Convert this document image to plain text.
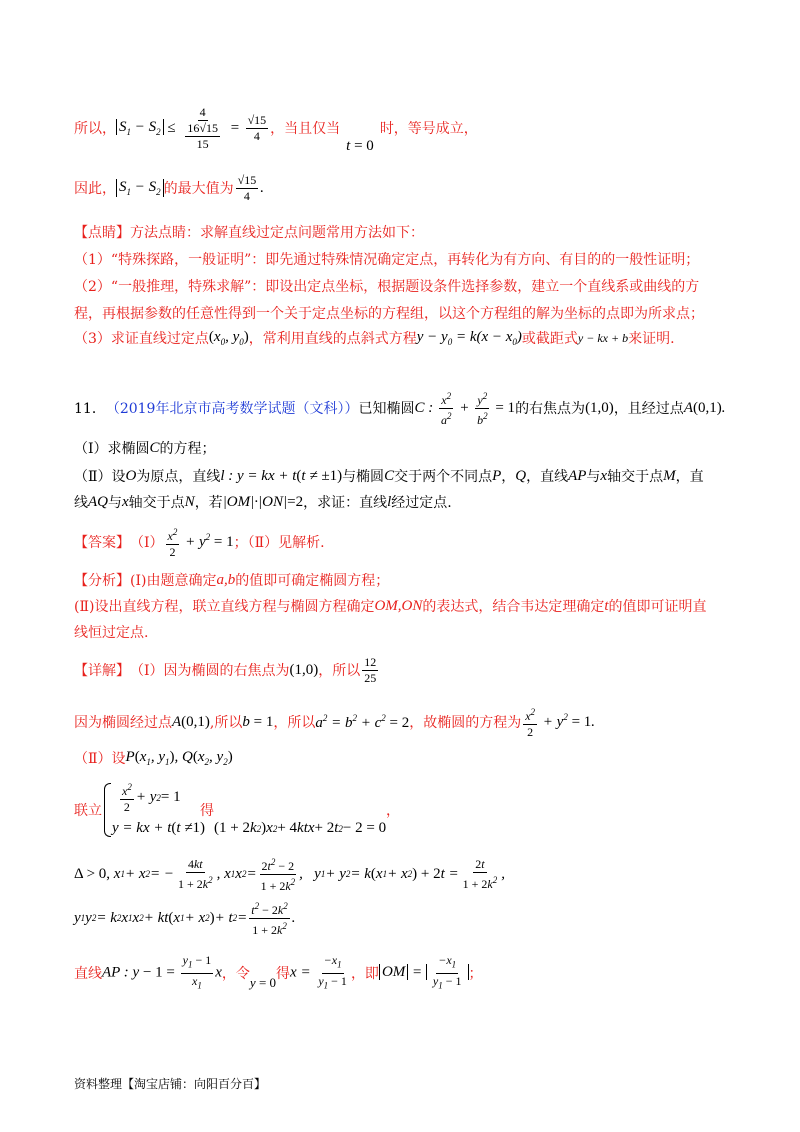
所以， $S_1 - S_2 \le \frac{4}{\frac{16√15}{15}} = \frac{√15}{4}$ ，当且仅当
t = 0
时，等号成立，
因此， $S_1 - S_2$ 的最大值为 $\frac{√15}{4}$ .
【点睛】方法点睛：求解直线过定点问题常用方法如下：
（1）“特殊探路，一般证明”：即先通过特殊情况确定定点，再转化为有方向、有目的的一般性证明；
（2）“一般推理，特殊求解”：即设出定点坐标，根据题设条件选择参数，建立一个直线系或曲线的方
程，再根据参数的任意性得到一个关于定点坐标的方程组，以这个方程组的解为坐标的点即为所求点；
（3）求证直线过定点 ($x_0$, $y_0$) ，常利用直线的点斜式方程 $y - y_0 = k(x - x_0)$ 或截距式 y − kx + b 来证明.
11． （2019年北京市高考数学试题（文科）） 已知椭圆 C : $\frac{x^2}{a^2} + \frac{y^2}{b^2} = 1$ 的右焦点为 (1,0) ，且经过点 A(0,1).
（Ⅰ）求椭圆 C 的方程；
（Ⅱ）设 O 为原点，直线 l : y = kx + t(t ≠ ±1) 与椭圆 C 交于两个不同点 P ， Q ，直线 AP 与 x 轴交于点 M ，直
线 AQ 与 x 轴交于点 N ，若 |OM|·|ON|=2 ，求证：直线 l 经过定点.
【答案】 （Ⅰ） $\frac{x^2}{2} + y^2 = 1$ ；（Ⅱ）见解析.
【分析】 (Ⅰ)由题意确定 a,b 的值即可确定椭圆方程；
(Ⅱ)设出直线方程，联立直线方程与椭圆方程确定 OM,ON 的表达式，结合韦达定理确定 t 的值即可证明直
线恒过定点.
【详解】 （Ⅰ）因为椭圆的右焦点为 (1,0) ，所以 $\frac{12}{25}$
因为椭圆经过点 A(0,1) ,所以 b = 1 ，所以 $a^2 = b^2 + c^2 = 2$ ，故椭圆的方程为 $\frac{x^2}{2} + y^2 = 1$.
（Ⅱ）设 $P(x_1$, $y_1$), $Q(x_2$, $y_2$)
联立 $\frac{x^2}{2} + y$ 2 = 1
y = kx + t ( t ≠ 1)
得
(1 + 2 k 2 ) x 2 + 4 ktx + 2 t 2 − 2 = 0
，
Δ > 0, x 1 + x 2 = − $\frac{4kt}{1 + 2k^2}$ , x 1 x $2 = \frac{2t^2 - 2}{1 + 2k^2}$ ,   y 1 + y 2 = k ( x 1 + x 2 ) + 2 $t = \frac{2t}{1 + 2k^2}$ ,
y 1 y 2 = k 2 x 1 x 2 + kt ( x 1 + x 2 ) + t $2 = \frac{t^2 - 2k^2}{1 + 2k^2}$ .
直线 AP : $y - 1 = \frac{y_1 - 1}{x_1}$ x ，令
y = 0
得 $x = \frac{-x_1}{y_1 - 1}$ ，即 OM = $\frac{-x_1}{y_1 - 1}$ ；
资料整理【淘宝店铺：向阳百分百】
